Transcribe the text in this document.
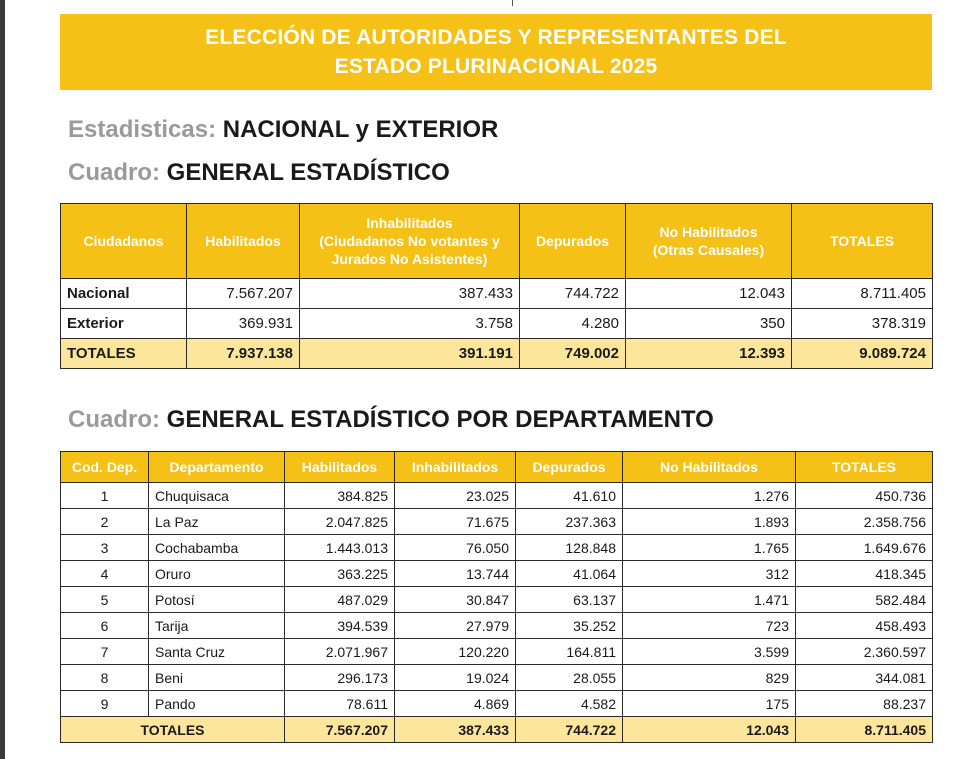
ELECCIÓN DE AUTORIDADES Y REPRESENTANTES DEL
ESTADO PLURINACIONAL 2025
Estadisticas: NACIONAL y EXTERIOR
Cuadro: GENERAL ESTADÍSTICO
Cuadro: GENERAL ESTADÍSTICO POR DEPARTAMENTO
Ciudadanos	Habilitados	Inhabilitados
(Ciudadanos No votantes y
Jurados No Asistentes)	Depurados	No Habilitados
(Otras Causales)	TOTALES
Nacional	7.567.207	387.433	744.722	12.043	8.711.405
Exterior	369.931	3.758	4.280	350	378.319
TOTALES	7.937.138	391.191	749.002	12.393	9.089.724
Cod. Dep.	Departamento	Habilitados	Inhabilitados	Depurados	No Habilitados	TOTALES
1	Chuquisaca	384.825	23.025	41.610	1.276	450.736
2	La Paz	2.047.825	71.675	237.363	1.893	2.358.756
3	Cochabamba	1.443.013	76.050	128.848	1.765	1.649.676
4	Oruro	363.225	13.744	41.064	312	418.345
5	Potosí	487.029	30.847	63.137	1.471	582.484
6	Tarija	394.539	27.979	35.252	723	458.493
7	Santa Cruz	2.071.967	120.220	164.811	3.599	2.360.597
8	Beni	296.173	19.024	28.055	829	344.081
9	Pando	78.611	4.869	4.582	175	88.237
TOTALES		7.567.207	387.433	744.722	12.043	8.711.405
